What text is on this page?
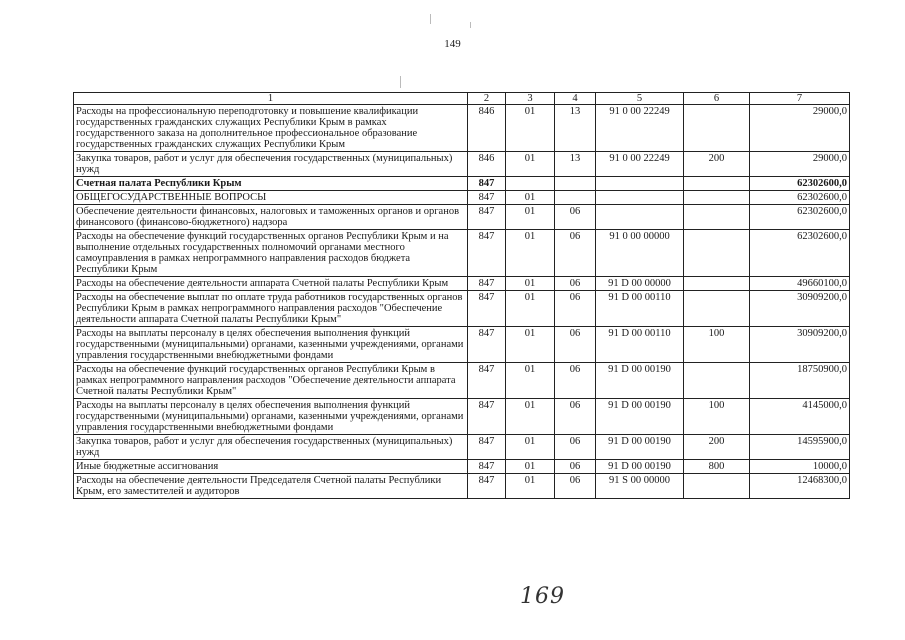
149
1	2	3	4	5	6	7
Расходы на профессиональную переподготовку и повышение квалификации государственных гражданских служащих Республики Крым в рамках государственного заказа на дополнительное профессиональное образование государственных гражданских служащих Республики Крым	846	01	13	91 0 00 22249		29000,0
Закупка товаров, работ и услуг для обеспечения государственных (муниципальных) нужд	846	01	13	91 0 00 22249	200	29000,0
Счетная палата Республики Крым	847					62302600,0
ОБЩЕГОСУДАРСТВЕННЫЕ ВОПРОСЫ	847	01				62302600,0
Обеспечение деятельности финансовых, налоговых и таможенных органов и органов финансового (финансово-бюджетного) надзора	847	01	06			62302600,0
Расходы на обеспечение функций государственных органов Республики Крым и на выполнение отдельных государственных полномочий органами местного самоуправления в рамках непрограммного направления расходов бюджета Республики Крым	847	01	06	91 0 00 00000		62302600,0
Расходы на обеспечение деятельности аппарата Счетной палаты Республики Крым	847	01	06	91 D 00 00000		49660100,0
Расходы на обеспечение выплат по оплате труда работников государственных органов Республики Крым в рамках непрограммного направления расходов "Обеспечение деятельности аппарата Счетной палаты Республики Крым"	847	01	06	91 D 00 00110		30909200,0
Расходы на выплаты персоналу в целях обеспечения выполнения функций государственными (муниципальными) органами, казенными учреждениями, органами управления государственными внебюджетными фондами	847	01	06	91 D 00 00110	100	30909200,0
Расходы на обеспечение функций государственных органов Республики Крым в рамках непрограммного направления расходов "Обеспечение деятельности аппарата Счетной палаты Республики Крым"	847	01	06	91 D 00 00190		18750900,0
Расходы на выплаты персоналу в целях обеспечения выполнения функций государственными (муниципальными) органами, казенными учреждениями, органами управления государственными внебюджетными фондами	847	01	06	91 D 00 00190	100	4145000,0
Закупка товаров, работ и услуг для обеспечения государственных (муниципальных) нужд	847	01	06	91 D 00 00190	200	14595900,0
Иные бюджетные ассигнования	847	01	06	91 D 00 00190	800	10000,0
Расходы на обеспечение деятельности Председателя Счетной палаты Республики Крым, его заместителей и аудиторов	847	01	06	91 S 00 00000		12468300,0
169
